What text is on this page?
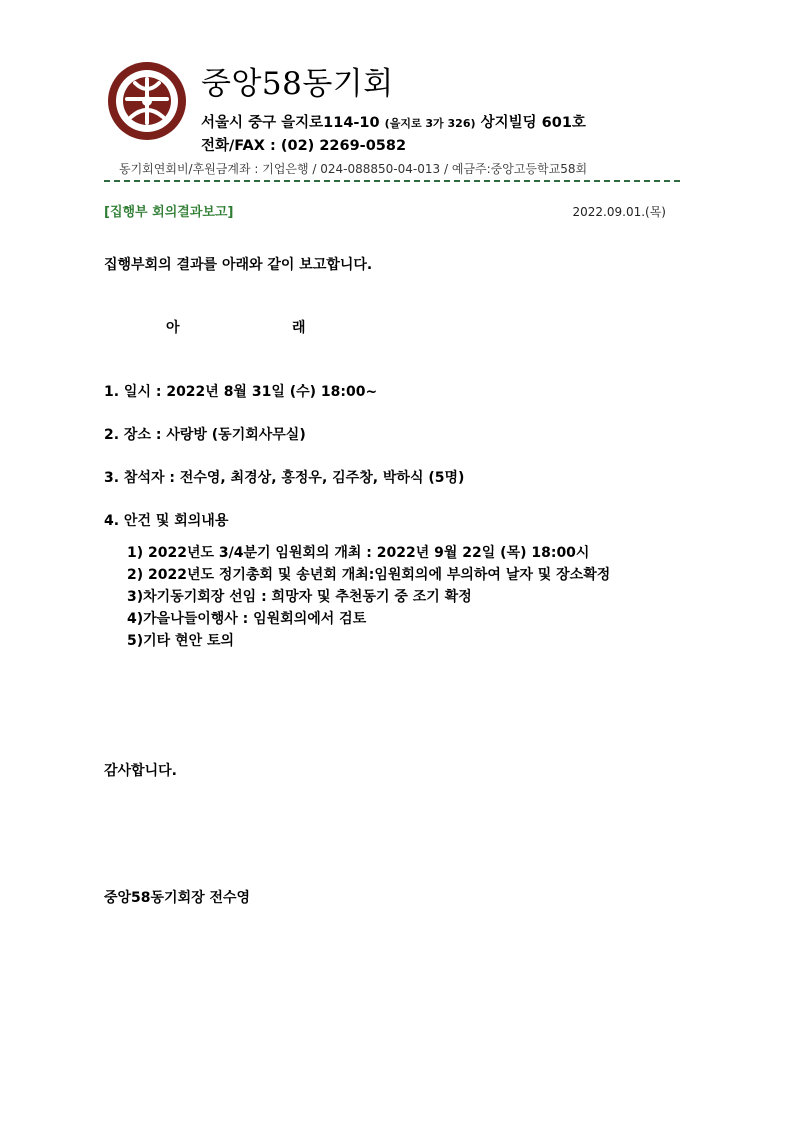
중앙58동기회
서울시 중구 을지로114-10 (을지로 3가 326) 상지빌딩 601호
전화/FAX : (02) 2269-0582
동기회연회비/후원금계좌 : 기업은행 / 024-088850-04-013 / 예금주:중앙고등학교58회
[집행부 회의결과보고]	2022.09.01.(목)
집행부회의 결과를 아래와 같이 보고합니다.
아	래
1. 일시 : 2022년 8월 31일 (수) 18:00~
2. 장소 : 사랑방 (동기회사무실)
3. 참석자 : 전수영, 최경상, 홍정우, 김주창, 박하식 (5명)
4. 안건 및 회의내용
1) 2022년도 3/4분기 임원회의 개최 : 2022년 9월 22일 (목) 18:00시
2) 2022년도 정기총회 및 송년회 개최:임원회의에 부의하여 날자 및 장소확정
3)차기동기회장 선임 : 희망자 및 추천동기 중 조기 확정
4)가을나들이행사 : 임원회의에서 검토
5)기타 현안 토의
감사합니다.
중앙58동기회장 전수영
